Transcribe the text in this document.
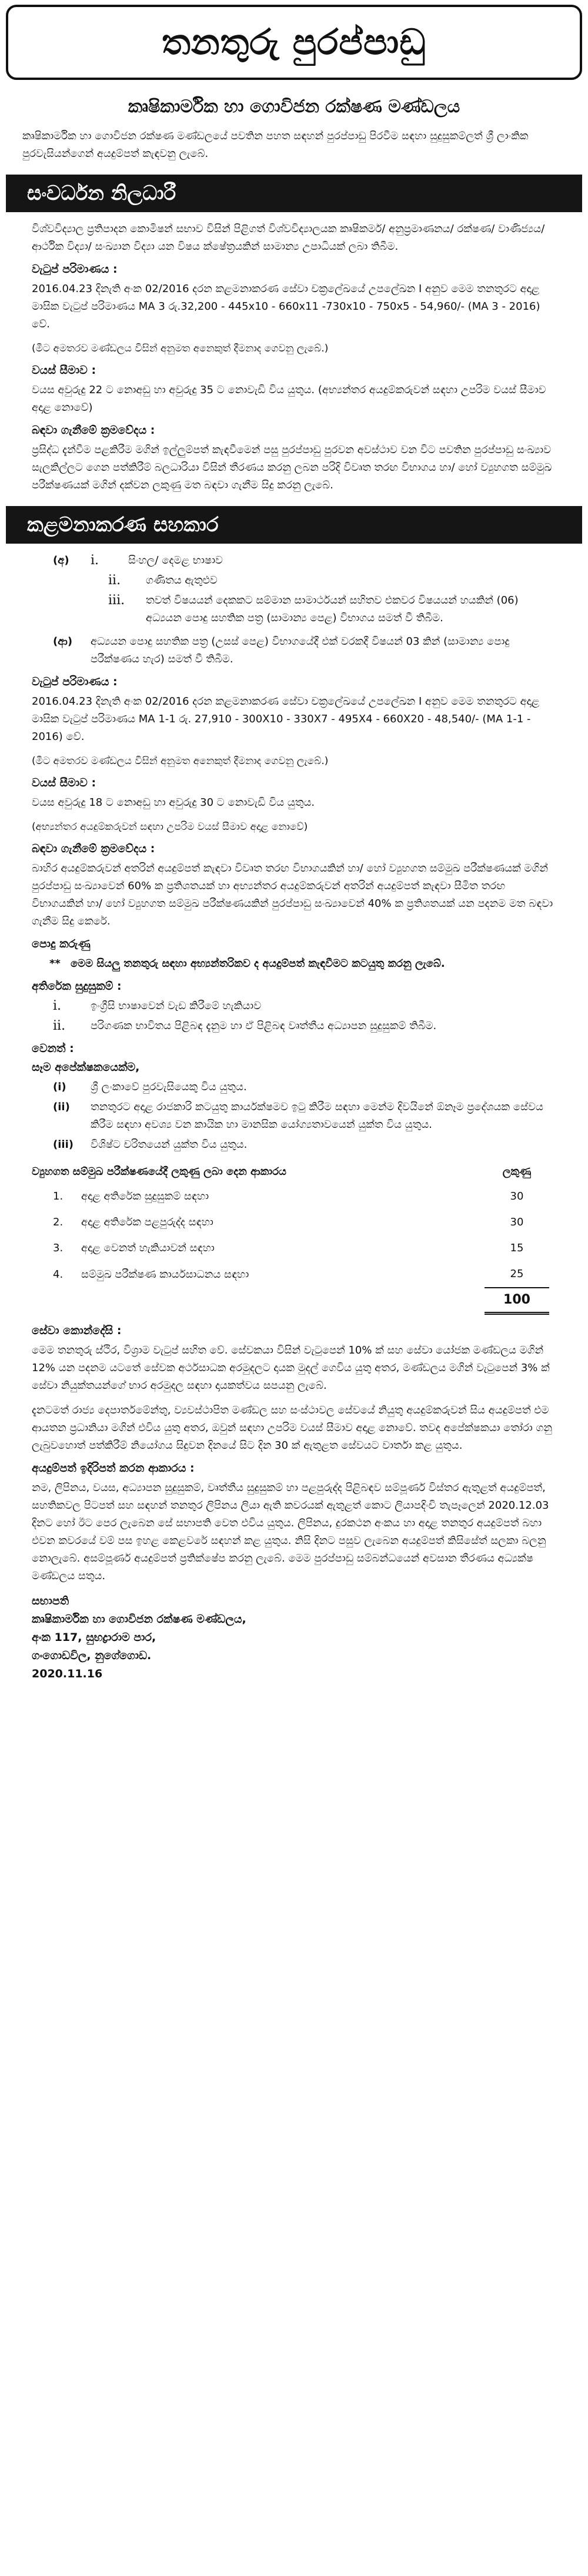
තනතුරු පුරප්පාඩු
කෘෂිකාර්මික හා ගොවිජන රක්ෂණ මණ්ඩලය
කෘෂිකාර්මික හා ගොවිජන රක්ෂණ මණ්ඩලයේ පවතින පහත සඳහන් පුරප්පාඩු පිරවීම සඳහා සුදුසුකම්ලත් ශ්‍රී ලාංකික පුරවැසියන්ගෙන් අයදුම්පත් කැඳවනු ලැබේ.
සංවර්ධන නිලධාරී
විශ්වවිද්‍යාල ප්‍රතිපාදන කොමිෂන් සභාව විසින් පිළිගත් විශ්වවිද්‍යාලයක කෘෂිකර්ම/ අනුප්‍රමාණනය/ රක්ෂණ/ වාණිජ්‍යය/ ආර්ථික විද්‍යා/ සංඛ්‍යාන විද්‍යා යන විෂය ක්ෂේත්‍රයකින් සාමාන්‍ය උපාධියක් ලබා තිබීම.
වැටුප් පරිමාණය :
2016.04.23 දිනැති අංක 02/2016 දරන කළමනාකරණ සේවා චක්‍රලේඛයේ උපලේඛන I අනුව මෙම තනතුරට අදාළ මාසික වැටුප් පරිමාණය MA 3 රු.32,200 - 445x10 - 660x11 -730x10 - 750x5 - 54,960/- (MA 3 - 2016) වේ.
(මීට අමතරව මණ්ඩලය විසින් අනුමත අනෙකුත් දීමනාද ගෙවනු ලැබේ.)
වයස් සීමාව :
වයස අවුරුදු 22 ට නොඅඩු හා අවුරුදු 35 ට නොවැඩි විය යුතුය. (අභ්‍යන්තර අයදුම්කරුවන් සඳහා උපරිම වයස් සීමාව අදාළ නොවේ)
බඳවා ගැනීමේ ක්‍රමවේදය :
ප්‍රසිද්ධ දැන්වීම පළකිරීම මගින් ඉල්ලුම්පත් කැඳවීමෙන් පසු පුරප්පාඩු පුරවන අවස්ථාව වන විට පවතින පුරප්පාඩු සංඛ්‍යාව සැලකිල්ලට ගෙන පත්කිරීම් බලධාරියා විසින් තීරණය කරනු ලබන පරිදි විවෘත තරඟ විභාගය හා/ හෝ ව්‍යුහගත සම්මුඛ පරීක්ෂණයක් මගින් දක්වන ලකුණු මත බඳවා ගැනීම සිදු කරනු ලැබේ.
කළමනාකරණ සහකාර
(අ)	i.	සිංහල/ දෙමළ භාෂාව
ii.	ගණිතය ඇතුළුව
iii.	තවත් විෂයයන් දෙකකට සම්මාන සාමාර්ථයන් සහිතව එකවර විෂයයන් හයකින් (06) අධ්‍යයන පොදු සහතික පත්‍ර (සාමාන්‍ය පෙළ) විභාගය සමත් වී තිබීම.
(ආ)	අධ්‍යයන පොදු සහතික පත්‍ර (උසස් පෙළ) විභාගයේදී එක් වරකදී විෂයන් 03 කින් (සාමාන්‍ය පොදු පරීක්ෂණය හැර) සමත් වී තිබීම.
වැටුප් පරිමාණය :
2016.04.23 දිනැති අංක 02/2016 දරන කළමනාකරණ සේවා චක්‍රලේඛයේ උපලේඛන I අනුව මෙම තනතුරට අදාළ මාසික වැටුප් පරිමාණය MA 1-1 රු. 27,910 - 300X10 - 330X7 - 495X4 - 660X20 - 48,540/- (MA 1-1 - 2016) වේ.
(මීට අමතරව මණ්ඩලය විසින් අනුමත අනෙකුත් දීමනාද ගෙවනු ලැබේ.)
වයස් සීමාව :
වයස අවුරුදු 18 ට නොඅඩු හා අවුරුදු 30 ට නොවැඩි විය යුතුය.
(අභ්‍යන්තර අයදුම්කරුවන් සඳහා උපරිම වයස් සීමාව අදාළ නොවේ)
බඳවා ගැනීමේ ක්‍රමවේදය :
බාහිර අයදුම්කරුවන් අතරින් අයදුම්පත් කැඳවා විවෘත තරඟ විභාගයකින් හා/ හෝ ව්‍යුහගත සම්මුඛ පරීක්ෂණයක් මගින් පුරප්පාඩු සංඛ්‍යාවෙන් 60% ක ප්‍රතිශතයක් හා අභ්‍යන්තර අයදුම්කරුවන් අතරින් අයදුම්පත් කැඳවා සීමිත තරඟ විභාගයකින් හා/ හෝ ව්‍යුහගත සම්මුඛ පරීක්ෂණයකින් පුරප්පාඩු සංඛ්‍යාවෙන් 40% ක ප්‍රතිශතයක් යන පදනම මත බඳවා ගැනීම සිදු කෙරේ.
පොදු කරුණු
** මෙම සියලු තනතුරු සඳහා අභ්‍යන්තරිකව ද අයදුම්පත් කැඳවීමට කටයුතු කරනු ලැබේ.
අතිරේක සුදුසුකම් :
i.	ඉංග්‍රීසි භාෂාවෙන් වැඩ කිරීමේ හැකියාව
ii.	පරිගණක භාවිතය පිළිබඳ දැනුම හා ඒ පිළිබඳ වෘත්තීය අධ්‍යාපන සුදුසුකම් තිබීම.
වෙනත් :
සෑම අපේක්ෂකයෙක්ම,
(i)	ශ්‍රී ලංකාවේ පුරවැසියෙකු විය යුතුය.
(ii)	තනතුරට අදාළ රාජකාරි කටයුතු කාර්යක්ෂමව ඉටු කිරීම සඳහා මෙන්ම දිවයිනේ ඕනෑම ප්‍රදේශයක සේවය කිරීම සඳහා අවශ්‍ය වන කායික හා මානසික යෝග්‍යතාවයෙන් යුක්ත විය යුතුය.
(iii)	විශිෂ්ට චරිතයෙන් යුක්ත විය යුතුය.
ව්‍යුහගත සම්මුඛ පරීක්ෂණයේදී ලකුණු ලබා දෙන ආකාරය		ලකුණු
1.	අදාළ අතිරේක සුදුසුකම් සඳහා	30
2.	අදාළ අතිරේක පළපුරුද්ද සඳහා	30
3.	අදාළ වෙනත් හැකියාවන් සඳහා	15
4.	සම්මුඛ පරීක්ෂණ කාර්යසාධනය සඳහා	25
		100
සේවා කොන්දේසි :
මෙම තනතුරු ස්ථිර, විශ්‍රාම වැටුප් සහිත වේ. සේවකයා විසින් වැටුපෙන් 10% ක් සහ සේවා යෝජක මණ්ඩලය මගින් 12% යන පදනම යටතේ සේවක අර්ථසාධක අරමුදලට දායක මුදල් ගෙවිය යුතු අතර, මණ්ඩලය මගින් වැටුපෙන් 3% ක් සේවා නියුක්තයන්ගේ භාර අරමුදල සඳහා දායකත්වය සපයනු ලැබේ.
දැනටමත් රාජ්‍ය දෙපාර්තමේන්තු, ව්‍යවස්ථාපිත මණ්ඩල සහ සංස්ථාවල සේවයේ නියුතු අයදුම්කරුවන් සිය අයදුම්පත් එම ආයතන ප්‍රධානියා මගින් එවිය යුතු අතර, ඔවුන් සඳහා උපරිම වයස් සීමාව අදාළ නොවේ. තවද අපේක්ෂකයා තෝරා ගනු ලැබුවහොත් පත්කිරීම් නියෝගය සිදුවන දිනයේ සිට දින 30 ක් ඇතුළත සේවයට වාර්තා කළ යුතුය.
අයදුම්පත් ඉදිරිපත් කරන ආකාරය :
නම, ලිපිනය, වයස, අධ්‍යාපන සුදුසුකම්, වෘත්තීය සුදුසුකම් හා පළපුරුද්ද පිළිබඳව සම්පූර්ණ විස්තර ඇතුළත් අයදුම්පත්, සහතිකවල පිටපත් සහ සඳහන් තනතුර ලිපිනය ලියා ඇති කවරයක් ඇතුළත් කොට ලියාපදිංචි තැපෑලෙන් 2020.12.03 දිනට හෝ ඊට පෙර ලැබෙන සේ සභාපති වෙත එවිය යුතුය. ලිපිනය, දුරකථන අංකය හා අදාළ තනතුර අයදුම්පත් බහා එවන කවරයේ වම් පස ඉහළ කෙළවරේ සඳහන් කළ යුතුය. නිසි දිනට පසුව ලැබෙන අයදුම්පත් කිසිසේත් සලකා බලනු නොලැබේ. අසම්පූර්ණ අයදුම්පත් ප්‍රතික්ෂේප කරනු ලැබේ. මෙම පුරප්පාඩු සම්බන්ධයෙන් අවසාන තීරණය අධ්‍යක්ෂ මණ්ඩලය සතුය.
සභාපති
කෘෂිකාර්මික හා ගොවිජන රක්ෂණ මණ්ඩලය,
අංක 117, සුභද්‍රාරාම පාර,
ගංගොඩවිල, නුගේගොඩ.
2020.11.16
